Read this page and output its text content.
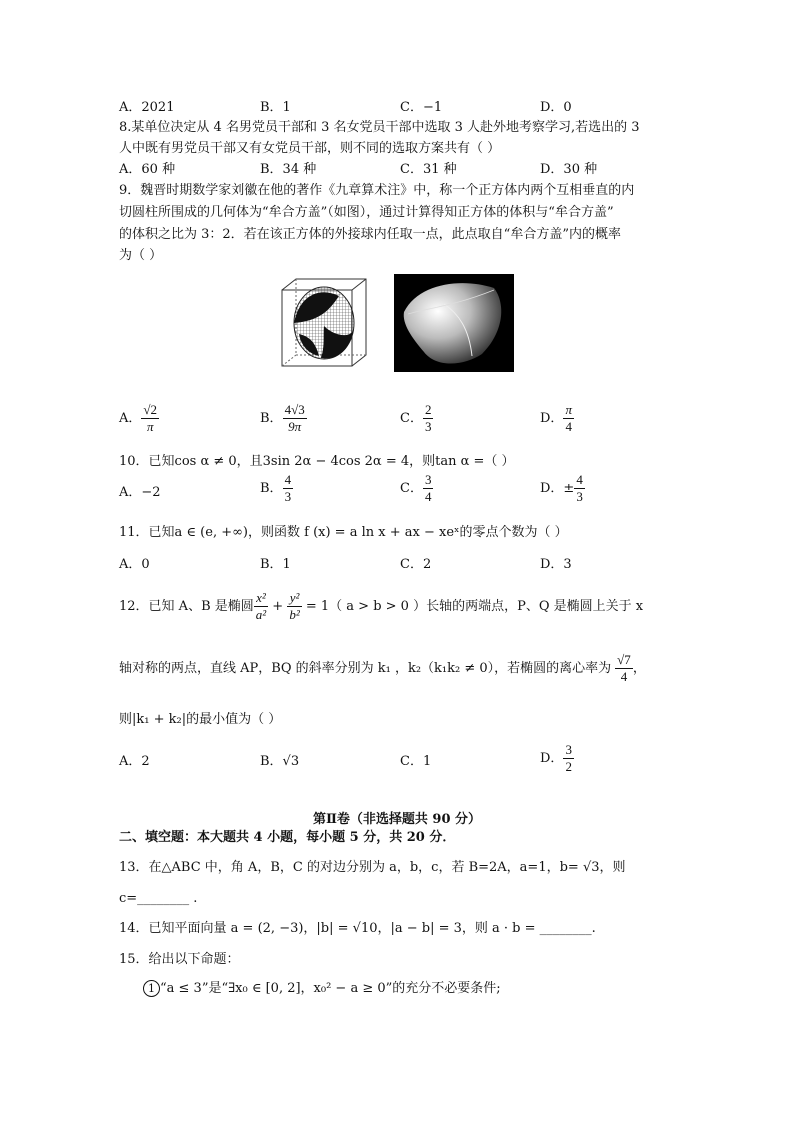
A．2021	B．1	C．−1	D．0
8.某单位决定从 4 名男党员干部和 3 名女党员干部中选取 3 人赴外地考察学习,若选出的 3
人中既有男党员干部又有女党员干部，则不同的选取方案共有（ ）
A．60 种	B．34 种	C．31 种	D．30 种
9．魏晋时期数学家刘徽在他的著作《九章算术注》中，称一个正方体内两个互相垂直的内
切圆柱所围成的几何体为“牟合方盖”（如图），通过计算得知正方体的体积与“牟合方盖”
的体积之比为 3：2．若在该正方体的外接球内任取一点，此点取自“牟合方盖”内的概率
为（ ）
A． $\frac{√2}{\pi}$	B． $\frac{4√3}{9\pi}$	C． $\frac{2}{3}$	D． $\frac{\pi}{4}$
10．已知cos α ≠ 0，且3sin 2α − 4cos 2α = 4，则tan α =（ ）
A．−2	B． $\frac{4}{3}$	C． $\frac{3}{4}$	D．± $\frac{4}{3}$
11．已知a ∈ (e, +∞)，则函数 f (x) = a ln x + ax − xeˣ的零点个数为（ ）
A．0	B．1	C．2	D．3
12．已知 A、B 是椭圆 $\frac{\text{x²}}{\text{a²}} + \frac{\text{y²}}{\text{b²}} = 1$（ a > b > 0 ）长轴的两端点，P、Q 是椭圆上关于 x
轴对称的两点，直线 AP，BQ 的斜率分别为 k₁ ，k₂（k₁k₂ ≠ 0），若椭圆的离心率为 $\frac{√7}{4}$ ，
则|k₁ + k₂|的最小值为（ ）
A．2	B．√3	C．1	D． $\frac{3}{2}$
第Ⅱ卷（非选择题共 90 分）
二、填空题：本大题共 4 小题，每小题 5 分，共 20 分．
13．在△ABC 中，角 A，B，C 的对边分别为 a，b，c，若 B=2A，a=1，b= √3，则
c=________ .
14．已知平面向量 a = (2, −3)，|b| = √10，|a − b| = 3，则 a · b = ________.
15．给出以下命题：
1 “a ≤ 3”是“∃x₀ ∈ [0, 2]，x₀² − a ≥ 0”的充分不必要条件;
